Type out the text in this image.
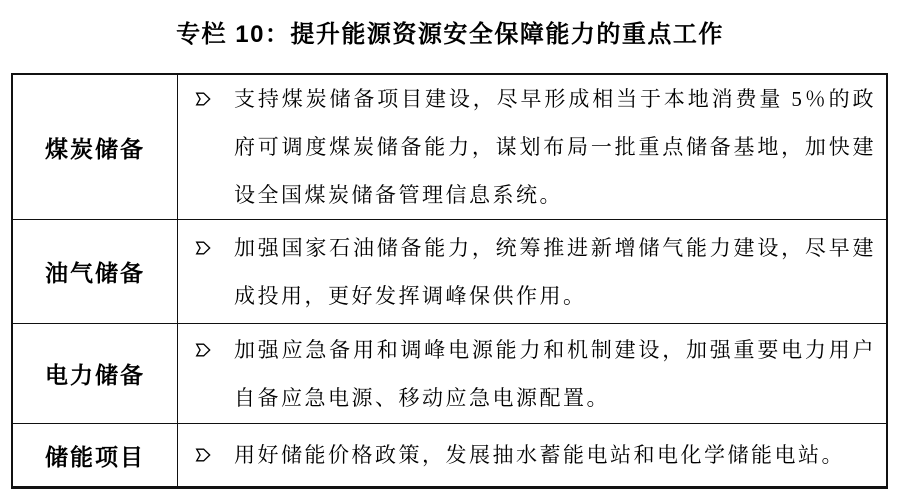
专栏 10：提升能源资源安全保障能力的重点工作
煤炭储备
支持煤炭储备项目建设，尽早形成相当于本地消费量 5％的政府可调度煤炭储备能力，谋划布局一批重点储备基地，加快建设全国煤炭储备管理信息系统。
油气储备
加强国家石油储备能力，统筹推进新增储气能力建设，尽早建成投用，更好发挥调峰保供作用。
电力储备
加强应急备用和调峰电源能力和机制建设，加强重要电力用户自备应急电源、移动应急电源配置。
储能项目	用好储能价格政策，发展抽水蓄能电站和电化学储能电站。
